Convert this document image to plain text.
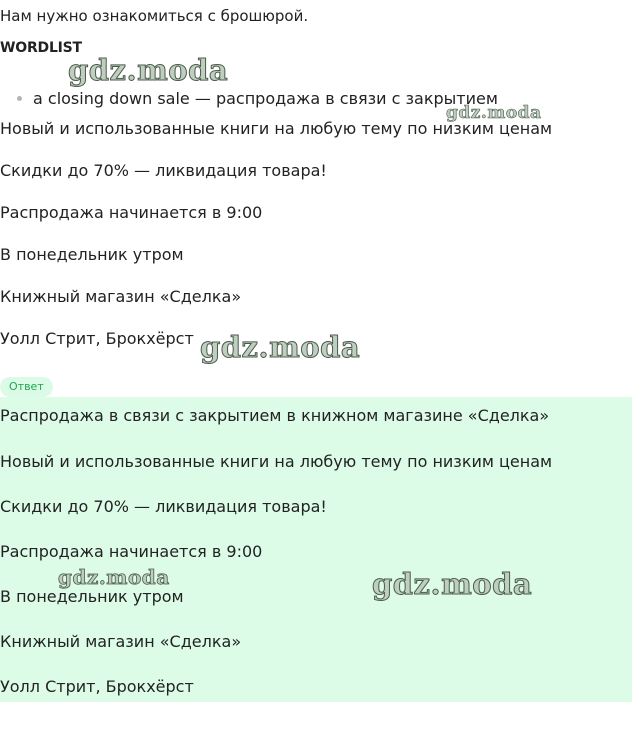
Нам нужно ознакомиться с брошюрой.
WORDLIST
a closing down sale — распродажа в связи с закрытием
Новый и использованные книги на любую тему по низким ценам
Скидки до 70% — ликвидация товара!
Распродажа начинается в 9:00
В понедельник утром
Книжный магазин «Сделка»
Уолл Стрит, Брокхёрст
Ответ
Распродажа в связи с закрытием в книжном магазине «Сделка»
Новый и использованные книги на любую тему по низким ценам
Скидки до 70% — ликвидация товара!
Распродажа начинается в 9:00
В понедельник утром
Книжный магазин «Сделка»
Уолл Стрит, Брокхёрст
gdz.moda
gdz.moda
gdz.moda
gdz.moda	gdz.moda
